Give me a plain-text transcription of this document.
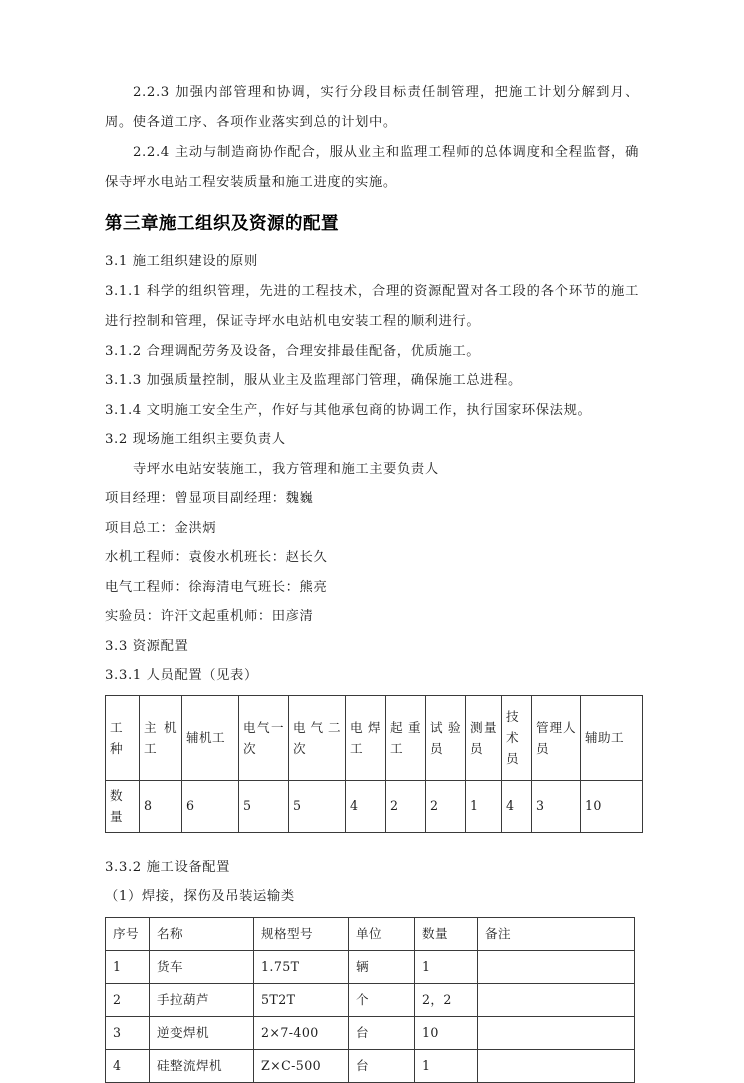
2.2.3 加强内部管理和协调，实行分段目标责任制管理，把施工计划分解到月、周。使各道工序、各项作业落实到总的计划中。

2.2.4 主动与制造商协作配合，服从业主和监理工程师的总体调度和全程监督，确保寺坪水电站工程安装质量和施工进度的实施。

第三章施工组织及资源的配置
3.1 施工组织建设的原则

3.1.1 科学的组织管理，先进的工程技术，合理的资源配置对各工段的各个环节的施工进行控制和管理，保证寺坪水电站机电安装工程的顺利进行。

3.1.2 合理调配劳务及设备，合理安排最佳配备，优质施工。
3.1.3 加强质量控制，服从业主及监理部门管理，确保施工总进程。
3.1.4 文明施工安全生产，作好与其他承包商的协调工作，执行国家环保法规。
3.2 现场施工组织主要负责人
寺坪水电站安装施工，我方管理和施工主要负责人
项目经理：曾显项目副经理：魏巍
项目总工：金洪炳
水机工程师：袁俊水机班长：赵长久
电气工程师：徐海清电气班长：熊亮
实验员：许汗文起重机师：田彦清
3.3 资源配置
3.3.1 人员配置（见表）
工种	主机工	辅机工	电气一次	电气二次	电焊工	起重工	试验员	测量员	技术员	管理人员	辅助工

数量	8	6	5	5	4	2	2	1	4	3	10
3.3.2 施工设备配置
（1）焊接，探伤及吊装运输类
序号	名称	规格型号	单位	数量	备注
1	货车	1.75T	辆	1	
2	手拉葫芦	5T2T	个	2，2	
3	逆变焊机	2×7-400	台	10	
4	硅整流焊机	Z×C-500	台	1	
